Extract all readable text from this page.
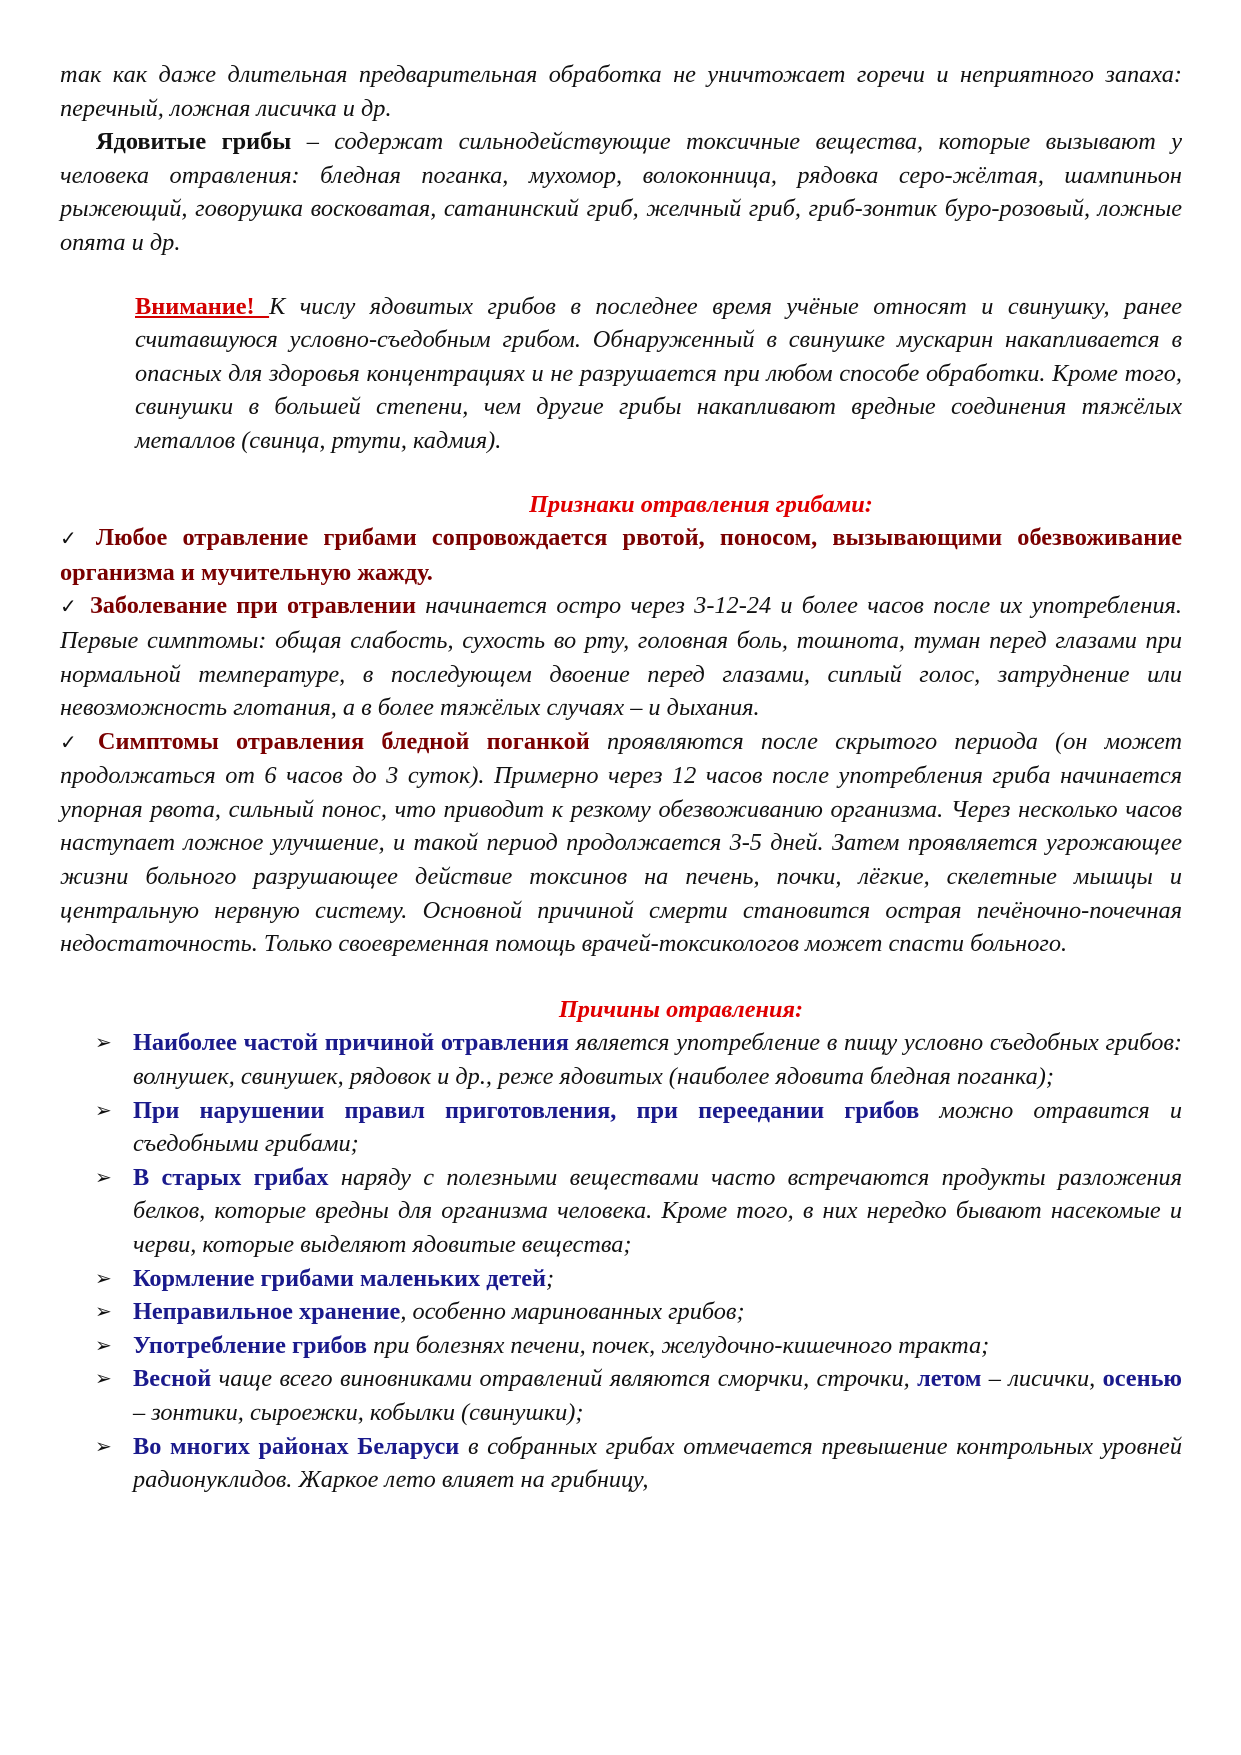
так как даже длительная предварительная обработка не уничтожает горечи и неприятного запаха: перечный, ложная лисичка и др.

Ядовитые грибы – содержат сильнодействующие токсичные вещества, которые вызывают у человека отравления: бледная поганка, мухомор, волоконница, рядовка серо-жёлтая, шампиньон рыжеющий, говорушка восковатая, сатанинский гриб, желчный гриб, гриб-зонтик буро-розовый, ложные опята и др.

Внимание! К числу ядовитых грибов в последнее время учёные относят и свинушку, ранее считавшуюся условно-съедобным грибом. Обнаруженный в свинушке мускарин накапливается в опасных для здоровья концентрациях и не разрушается при любом способе обработки. Кроме того, свинушки в большей степени, чем другие грибы накапливают вредные соединения тяжёлых металлов (свинца, ртути, кадмия).

Признаки отравления грибами:

✓ Любое отравление грибами сопровождается рвотой, поносом, вызывающими обезвоживание организма и мучительную жажду.

✓ Заболевание при отравлении начинается остро через 3-12-24 и более часов после их употребления. Первые симптомы: общая слабость, сухость во рту, головная боль, тошнота, туман перед глазами при нормальной температуре, в последующем двоение перед глазами, сиплый голос, затруднение или невозможность глотания, а в более тяжёлых случаях – и дыхания.

✓ Симптомы отравления бледной поганкой проявляются после скрытого периода (он может продолжаться от 6 часов до 3 суток). Примерно через 12 часов после употребления гриба начинается упорная рвота, сильный понос, что приводит к резкому обезвоживанию организма. Через несколько часов наступает ложное улучшение, и такой период продолжается 3-5 дней. Затем проявляется угрожающее жизни больного разрушающее действие токсинов на печень, почки, лёгкие, скелетные мышцы и центральную нервную систему. Основной причиной смерти становится острая печёночно-почечная недостаточность. Только своевременная помощь врачей-токсикологов может спасти больного.

Причины отравления:
➢ Наиболее частой причиной отравления является употребление в пищу условно съедобных грибов: волнушек, свинушек, рядовок и др., реже ядовитых (наиболее ядовита бледная поганка);
➢ При нарушении правил приготовления, при переедании грибов можно отравится и съедобными грибами;
➢ В старых грибах наряду с полезными веществами часто встречаются продукты разложения белков, которые вредны для организма человека. Кроме того, в них нередко бывают насекомые и черви, которые выделяют ядовитые вещества;
➢ Кормление грибами маленьких детей;
➢ Неправильное хранение, особенно маринованных грибов;
➢ Употребление грибов при болезнях печени, почек, желудочно-кишечного тракта;
➢ Весной чаще всего виновниками отравлений являются сморчки, строчки, летом – лисички, осенью – зонтики, сыроежки, кобылки (свинушки);
➢ Во многих районах Беларуси в собранных грибах отмечается превышение контрольных уровней радионуклидов. Жаркое лето влияет на грибницу,
